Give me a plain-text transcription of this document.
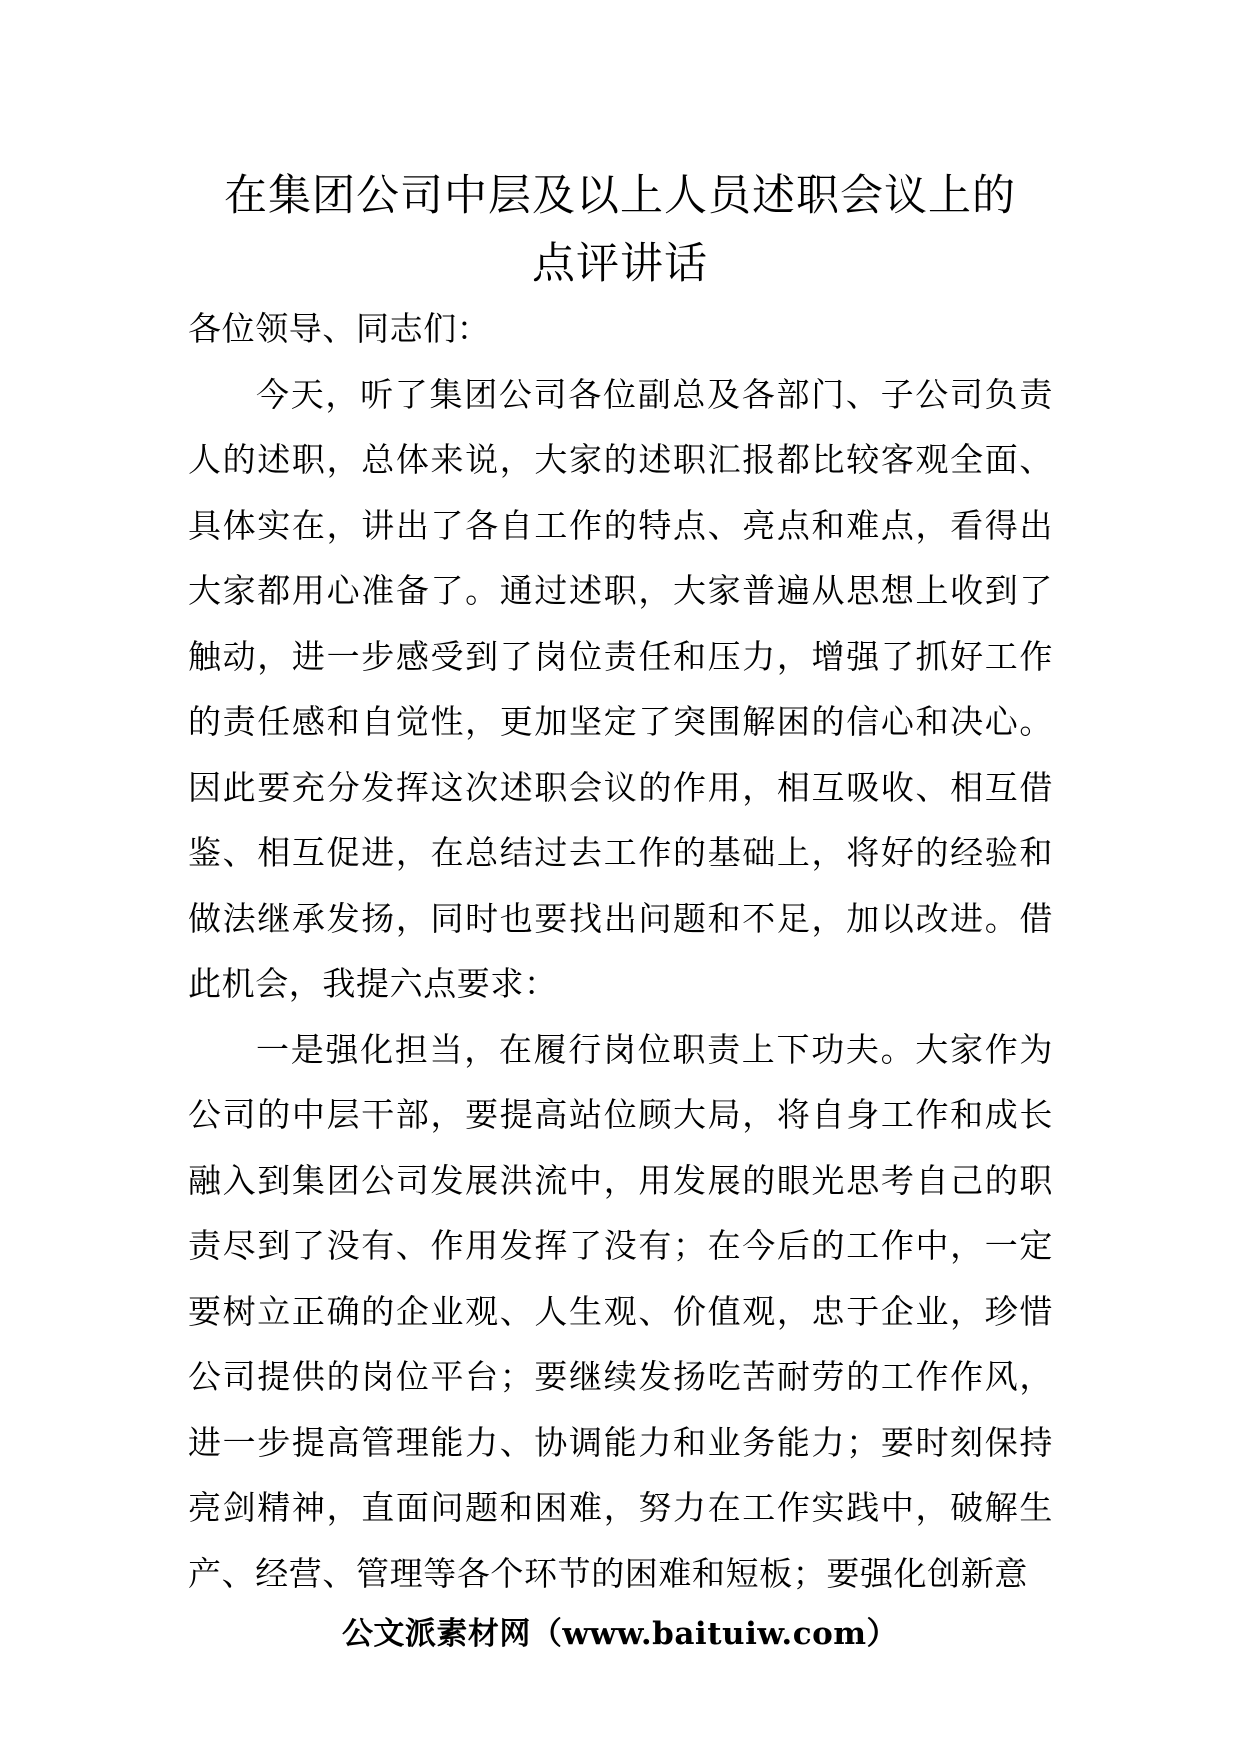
在集团公司中层及以上人员述职会议上的
点评讲话

各位领导、同志们：

今天，听了集团公司各位副总及各部门、子公司负责人的述职，总体来说，大家的述职汇报都比较客观全面、具体实在，讲出了各自工作的特点、亮点和难点，看得出大家都用心准备了。通过述职，大家普遍从思想上收到了触动，进一步感受到了岗位责任和压力，增强了抓好工作的责任感和自觉性，更加坚定了突围解困的信心和决心。因此要充分发挥这次述职会议的作用，相互吸收、相互借鉴、相互促进，在总结过去工作的基础上，将好的经验和做法继承发扬，同时也要找出问题和不足，加以改进。借此机会，我提六点要求：

一是强化担当，在履行岗位职责上下功夫。大家作为公司的中层干部，要提高站位顾大局，将自身工作和成长融入到集团公司发展洪流中，用发展的眼光思考自己的职责尽到了没有、作用发挥了没有；在今后的工作中，一定要树立正确的企业观、人生观、价值观，忠于企业，珍惜公司提供的岗位平台；要继续发扬吃苦耐劳的工作作风，进一步提高管理能力、协调能力和业务能力；要时刻保持亮剑精神，直面问题和困难，努力在工作实践中，破解生产、经营、管理等各个环节的困难和短板；要强化创新意

公文派素材网（www.baituiw.com）
